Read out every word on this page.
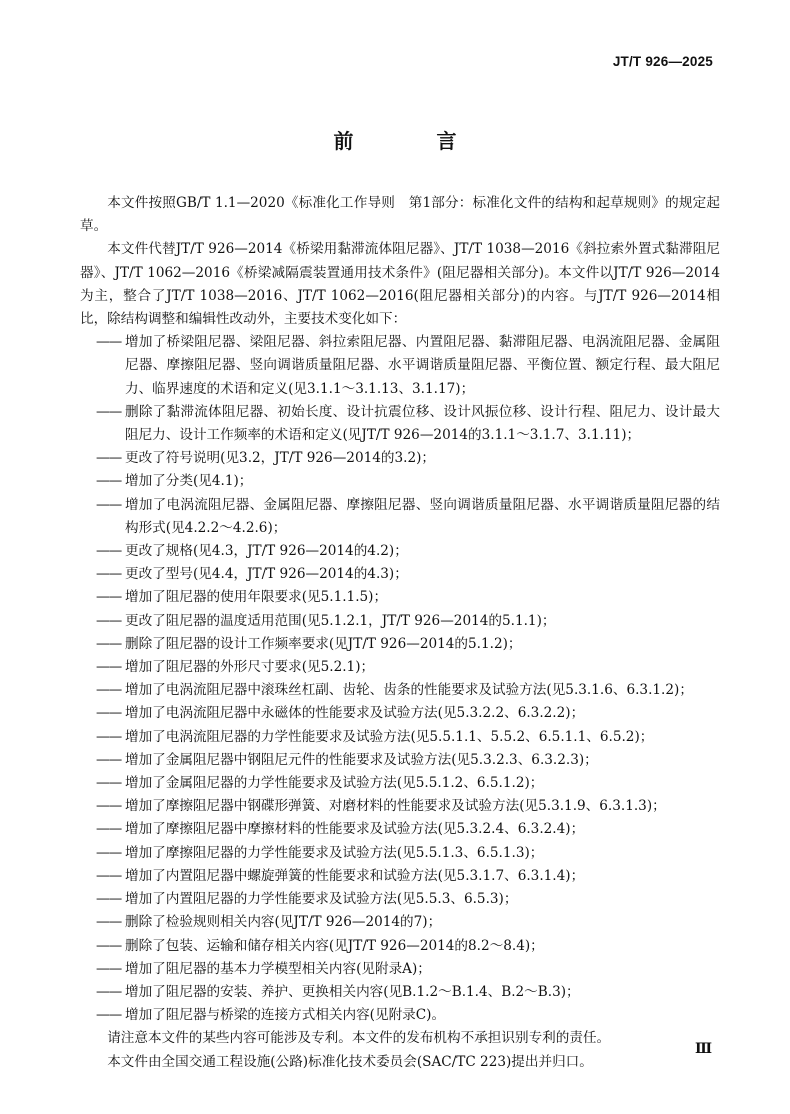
JT/T 926—2025
前 言

本文件按照GB/T 1.1—2020《标准化工作导则　第1部分：标准化文件的结构和起草规则》的规定起草。

本文件代替JT/T 926—2014《桥梁用黏滞流体阻尼器》、JT/T 1038—2016《斜拉索外置式黏滞阻尼器》、JT/T 1062—2016《桥梁减隔震装置通用技术条件》(阻尼器相关部分)。本文件以JT/T 926—2014为主，整合了JT/T 1038—2016、JT/T 1062—2016(阻尼器相关部分)的内容。与JT/T 926—2014相比，除结构调整和编辑性改动外，主要技术变化如下：

—— 增加了桥梁阻尼器、梁阻尼器、斜拉索阻尼器、内置阻尼器、黏滞阻尼器、电涡流阻尼器、金属阻尼器、摩擦阻尼器、竖向调谐质量阻尼器、水平调谐质量阻尼器、平衡位置、额定行程、最大阻尼力、临界速度的术语和定义(见3.1.1～3.1.13、3.1.17)；
—— 删除了黏滞流体阻尼器、初始长度、设计抗震位移、设计风振位移、设计行程、阻尼力、设计最大阻尼力、设计工作频率的术语和定义(见JT/T 926—2014的3.1.1～3.1.7、3.1.11)；
—— 更改了符号说明(见3.2，JT/T 926—2014的3.2)；
—— 增加了分类(见4.1)；
—— 增加了电涡流阻尼器、金属阻尼器、摩擦阻尼器、竖向调谐质量阻尼器、水平调谐质量阻尼器的结构形式(见4.2.2～4.2.6)；
—— 更改了规格(见4.3，JT/T 926—2014的4.2)；
—— 更改了型号(见4.4，JT/T 926—2014的4.3)；
—— 增加了阻尼器的使用年限要求(见5.1.1.5)；
—— 更改了阻尼器的温度适用范围(见5.1.2.1，JT/T 926—2014的5.1.1)；
—— 删除了阻尼器的设计工作频率要求(见JT/T 926—2014的5.1.2)；
—— 增加了阻尼器的外形尺寸要求(见5.2.1)；
—— 增加了电涡流阻尼器中滚珠丝杠副、齿轮、齿条的性能要求及试验方法(见5.3.1.6、6.3.1.2)；
—— 增加了电涡流阻尼器中永磁体的性能要求及试验方法(见5.3.2.2、6.3.2.2)；
—— 增加了电涡流阻尼器的力学性能要求及试验方法(见5.5.1.1、5.5.2、6.5.1.1、6.5.2)；
—— 增加了金属阻尼器中钢阻尼元件的性能要求及试验方法(见5.3.2.3、6.3.2.3)；
—— 增加了金属阻尼器的力学性能要求及试验方法(见5.5.1.2、6.5.1.2)；
—— 增加了摩擦阻尼器中钢碟形弹簧、对磨材料的性能要求及试验方法(见5.3.1.9、6.3.1.3)；
—— 增加了摩擦阻尼器中摩擦材料的性能要求及试验方法(见5.3.2.4、6.3.2.4)；
—— 增加了摩擦阻尼器的力学性能要求及试验方法(见5.5.1.3、6.5.1.3)；
—— 增加了内置阻尼器中螺旋弹簧的性能要求和试验方法(见5.3.1.7、6.3.1.4)；
—— 增加了内置阻尼器的力学性能要求及试验方法(见5.5.3、6.5.3)；
—— 删除了检验规则相关内容(见JT/T 926—2014的7)；
—— 删除了包装、运输和储存相关内容(见JT/T 926—2014的8.2～8.4)；
—— 增加了阻尼器的基本力学模型相关内容(见附录A)；
—— 增加了阻尼器的安装、养护、更换相关内容(见B.1.2～B.1.4、B.2～B.3)；
—— 增加了阻尼器与桥梁的连接方式相关内容(见附录C)。

请注意本文件的某些内容可能涉及专利。本文件的发布机构不承担识别专利的责任。

本文件由全国交通工程设施(公路)标准化技术委员会(SAC/TC 223)提出并归口。

Ⅲ
